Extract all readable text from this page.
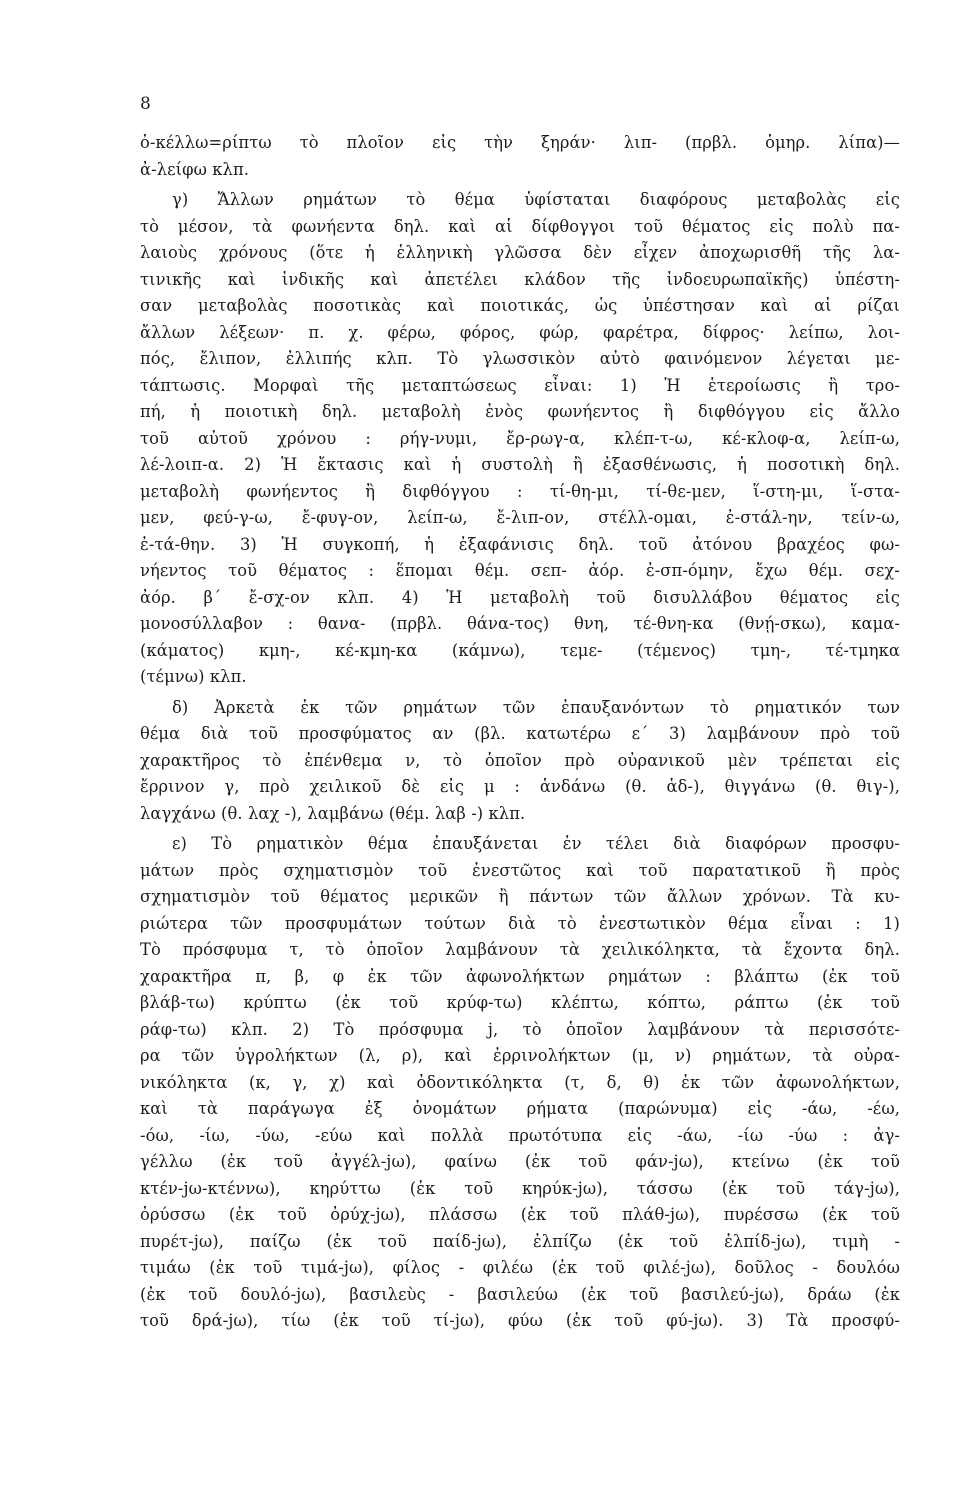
8
ὀ-κέλλω=ρίπτω τὸ πλοῖον εἰς τὴν ξηράν· λιπ- (πρβλ. ὁμηρ. λίπα)—
ἀ-λείφω κλπ.
γ) Ἄλλων ρημάτων τὸ θέμα ὑφίσταται διαφόρους μεταβολὰς εἰς
τὸ μέσον, τὰ φωνήεντα δηλ. καὶ αἱ δίφθογγοι τοῦ θέματος εἰς πολὺ πα-
λαιοὺς χρόνους (ὅτε ἡ ἑλληνικὴ γλῶσσα δὲν εἶχεν ἀποχωρισθῆ τῆς λα-
τινικῆς καὶ ἰνδικῆς καὶ ἀπετέλει κλάδον τῆς ἰνδοευρωπαϊκῆς) ὑπέστη-
σαν μεταβολὰς ποσοτικὰς καὶ ποιοτικάς, ὡς ὑπέστησαν καὶ αἱ ρίζαι
ἄλλων λέξεων· π. χ. φέρω, φόρος, φώρ, φαρέτρα, δίφρος· λείπω, λοι-
πός, ἔλιπον, ἐλλιπής κλπ. Τὸ γλωσσικὸν αὐτὸ φαινόμενον λέγεται με-
τάπτωσις. Μορφαὶ τῆς μεταπτώσεως εἶναι: 1) Ἡ ἑτεροίωσις ἢ τρο-
πή, ἡ ποιοτικὴ δηλ. μεταβολὴ ἑνὸς φωνήεντος ἢ διφθόγγου εἰς ἄλλο
τοῦ αὐτοῦ χρόνου : ρήγ-νυμι, ἔρ-ρωγ-α, κλέπ-τ-ω, κέ-κλοφ-α, λείπ-ω,
λέ-λοιπ-α. 2) Ἡ ἔκτασις καὶ ἡ συστολὴ ἢ ἐξασθένωσις, ἡ ποσοτικὴ δηλ.
μεταβολὴ φωνήεντος ἢ διφθόγγου : τί-θη-μι, τί-θε-μεν, ἵ-στη-μι, ἵ-στα-
μεν, φεύ-γ-ω, ἔ-φυγ-ον, λείπ-ω, ἔ-λιπ-ον, στέλλ-ομαι, ἐ-στάλ-ην, τείν-ω,
ἐ-τά-θην. 3) Ἡ συγκοπή, ἡ ἐξαφάνισις δηλ. τοῦ ἀτόνου βραχέος φω-
νήεντος τοῦ θέματος : ἕπομαι θέμ. σεπ- ἀόρ. ἐ-σπ-όμην, ἔχω θέμ. σεχ-
ἀόρ. β΄ ἔ-σχ-ον κλπ. 4) Ἡ μεταβολὴ τοῦ δισυλλάβου θέματος εἰς
μονοσύλλαβον : θανα- (πρβλ. θάνα-τος) θνη, τέ-θνη-κα (θνῄ-σκω), καμα-
(κάματος) κμη-, κέ-κμη-κα (κάμνω), τεμε- (τέμενος) τμη-, τέ-τμηκα
(τέμνω) κλπ.
δ) Ἀρκετὰ ἐκ τῶν ρημάτων τῶν ἐπαυξανόντων τὸ ρηματικόν των
θέμα διὰ τοῦ προσφύματος αν (βλ. κατωτέρω ε΄ 3) λαμβάνουν πρὸ τοῦ
χαρακτῆρος τὸ ἐπένθεμα ν, τὸ ὁποῖον πρὸ οὐρανικοῦ μὲν τρέπεται εἰς
ἔρρινον γ, πρὸ χειλικοῦ δὲ εἰς μ : ἁνδάνω (θ. ἁδ-), θιγγάνω (θ. θιγ-),
λαγχάνω (θ. λαχ -), λαμβάνω (θέμ. λαβ -) κλπ.
ε) Τὸ ρηματικὸν θέμα ἐπαυξάνεται ἐν τέλει διὰ διαφόρων προσφυ-
μάτων πρὸς σχηματισμὸν τοῦ ἐνεστῶτος καὶ τοῦ παρατατικοῦ ἢ πρὸς
σχηματισμὸν τοῦ θέματος μερικῶν ἢ πάντων τῶν ἄλλων χρόνων. Τὰ κυ-
ριώτερα τῶν προσφυμάτων τούτων διὰ τὸ ἐνεστωτικὸν θέμα εἶναι : 1)
Τὸ πρόσφυμα τ, τὸ ὁποῖον λαμβάνουν τὰ χειλικόληκτα, τὰ ἔχοντα δηλ.
χαρακτῆρα π, β, φ ἐκ τῶν ἀφωνολήκτων ρημάτων : βλάπτω (ἐκ τοῦ
βλάβ-τω) κρύπτω (ἐκ τοῦ κρύφ-τω) κλέπτω, κόπτω, ράπτω (ἐκ τοῦ
ράφ-τω) κλπ. 2) Τὸ πρόσφυμα j, τὸ ὁποῖον λαμβάνουν τὰ περισσότε-
ρα τῶν ὑγρολήκτων (λ, ρ), καὶ ἐρρινολήκτων (μ, ν) ρημάτων, τὰ οὐρα-
νικόληκτα (κ, γ, χ) καὶ ὀδοντικόληκτα (τ, δ, θ) ἐκ τῶν ἀφωνολήκτων,
καὶ τὰ παράγωγα ἐξ ὀνομάτων ρήματα (παρώνυμα) εἰς -άω, -έω,
-όω, -ίω, -ύω, -εύω καὶ πολλὰ πρωτότυπα εἰς -άω, -ίω -ύω : ἀγ-
γέλλω (ἐκ τοῦ ἀγγέλ-jω), φαίνω (ἐκ τοῦ φάν-jω), κτείνω (ἐκ τοῦ
κτέν-jω-κτέννω), κηρύττω (ἐκ τοῦ κηρύκ-jω), τάσσω (ἐκ τοῦ τάγ-jω),
ὀρύσσω (ἐκ τοῦ ὀρύχ-jω), πλάσσω (ἐκ τοῦ πλάθ-jω), πυρέσσω (ἐκ τοῦ
πυρέτ-jω), παίζω (ἐκ τοῦ παίδ-jω), ἐλπίζω (ἐκ τοῦ ἐλπίδ-jω), τιμὴ -
τιμάω (ἐκ τοῦ τιμά-jω), φίλος - φιλέω (ἐκ τοῦ φιλέ-jω), δοῦλος - δουλόω
(ἐκ τοῦ δουλό-jω), βασιλεὺς - βασιλεύω (ἐκ τοῦ βασιλεύ-jω), δράω (ἐκ
τοῦ δρά-jω), τίω (ἐκ τοῦ τί-jω), φύω (ἐκ τοῦ φύ-jω). 3) Τὰ προσφύ-
